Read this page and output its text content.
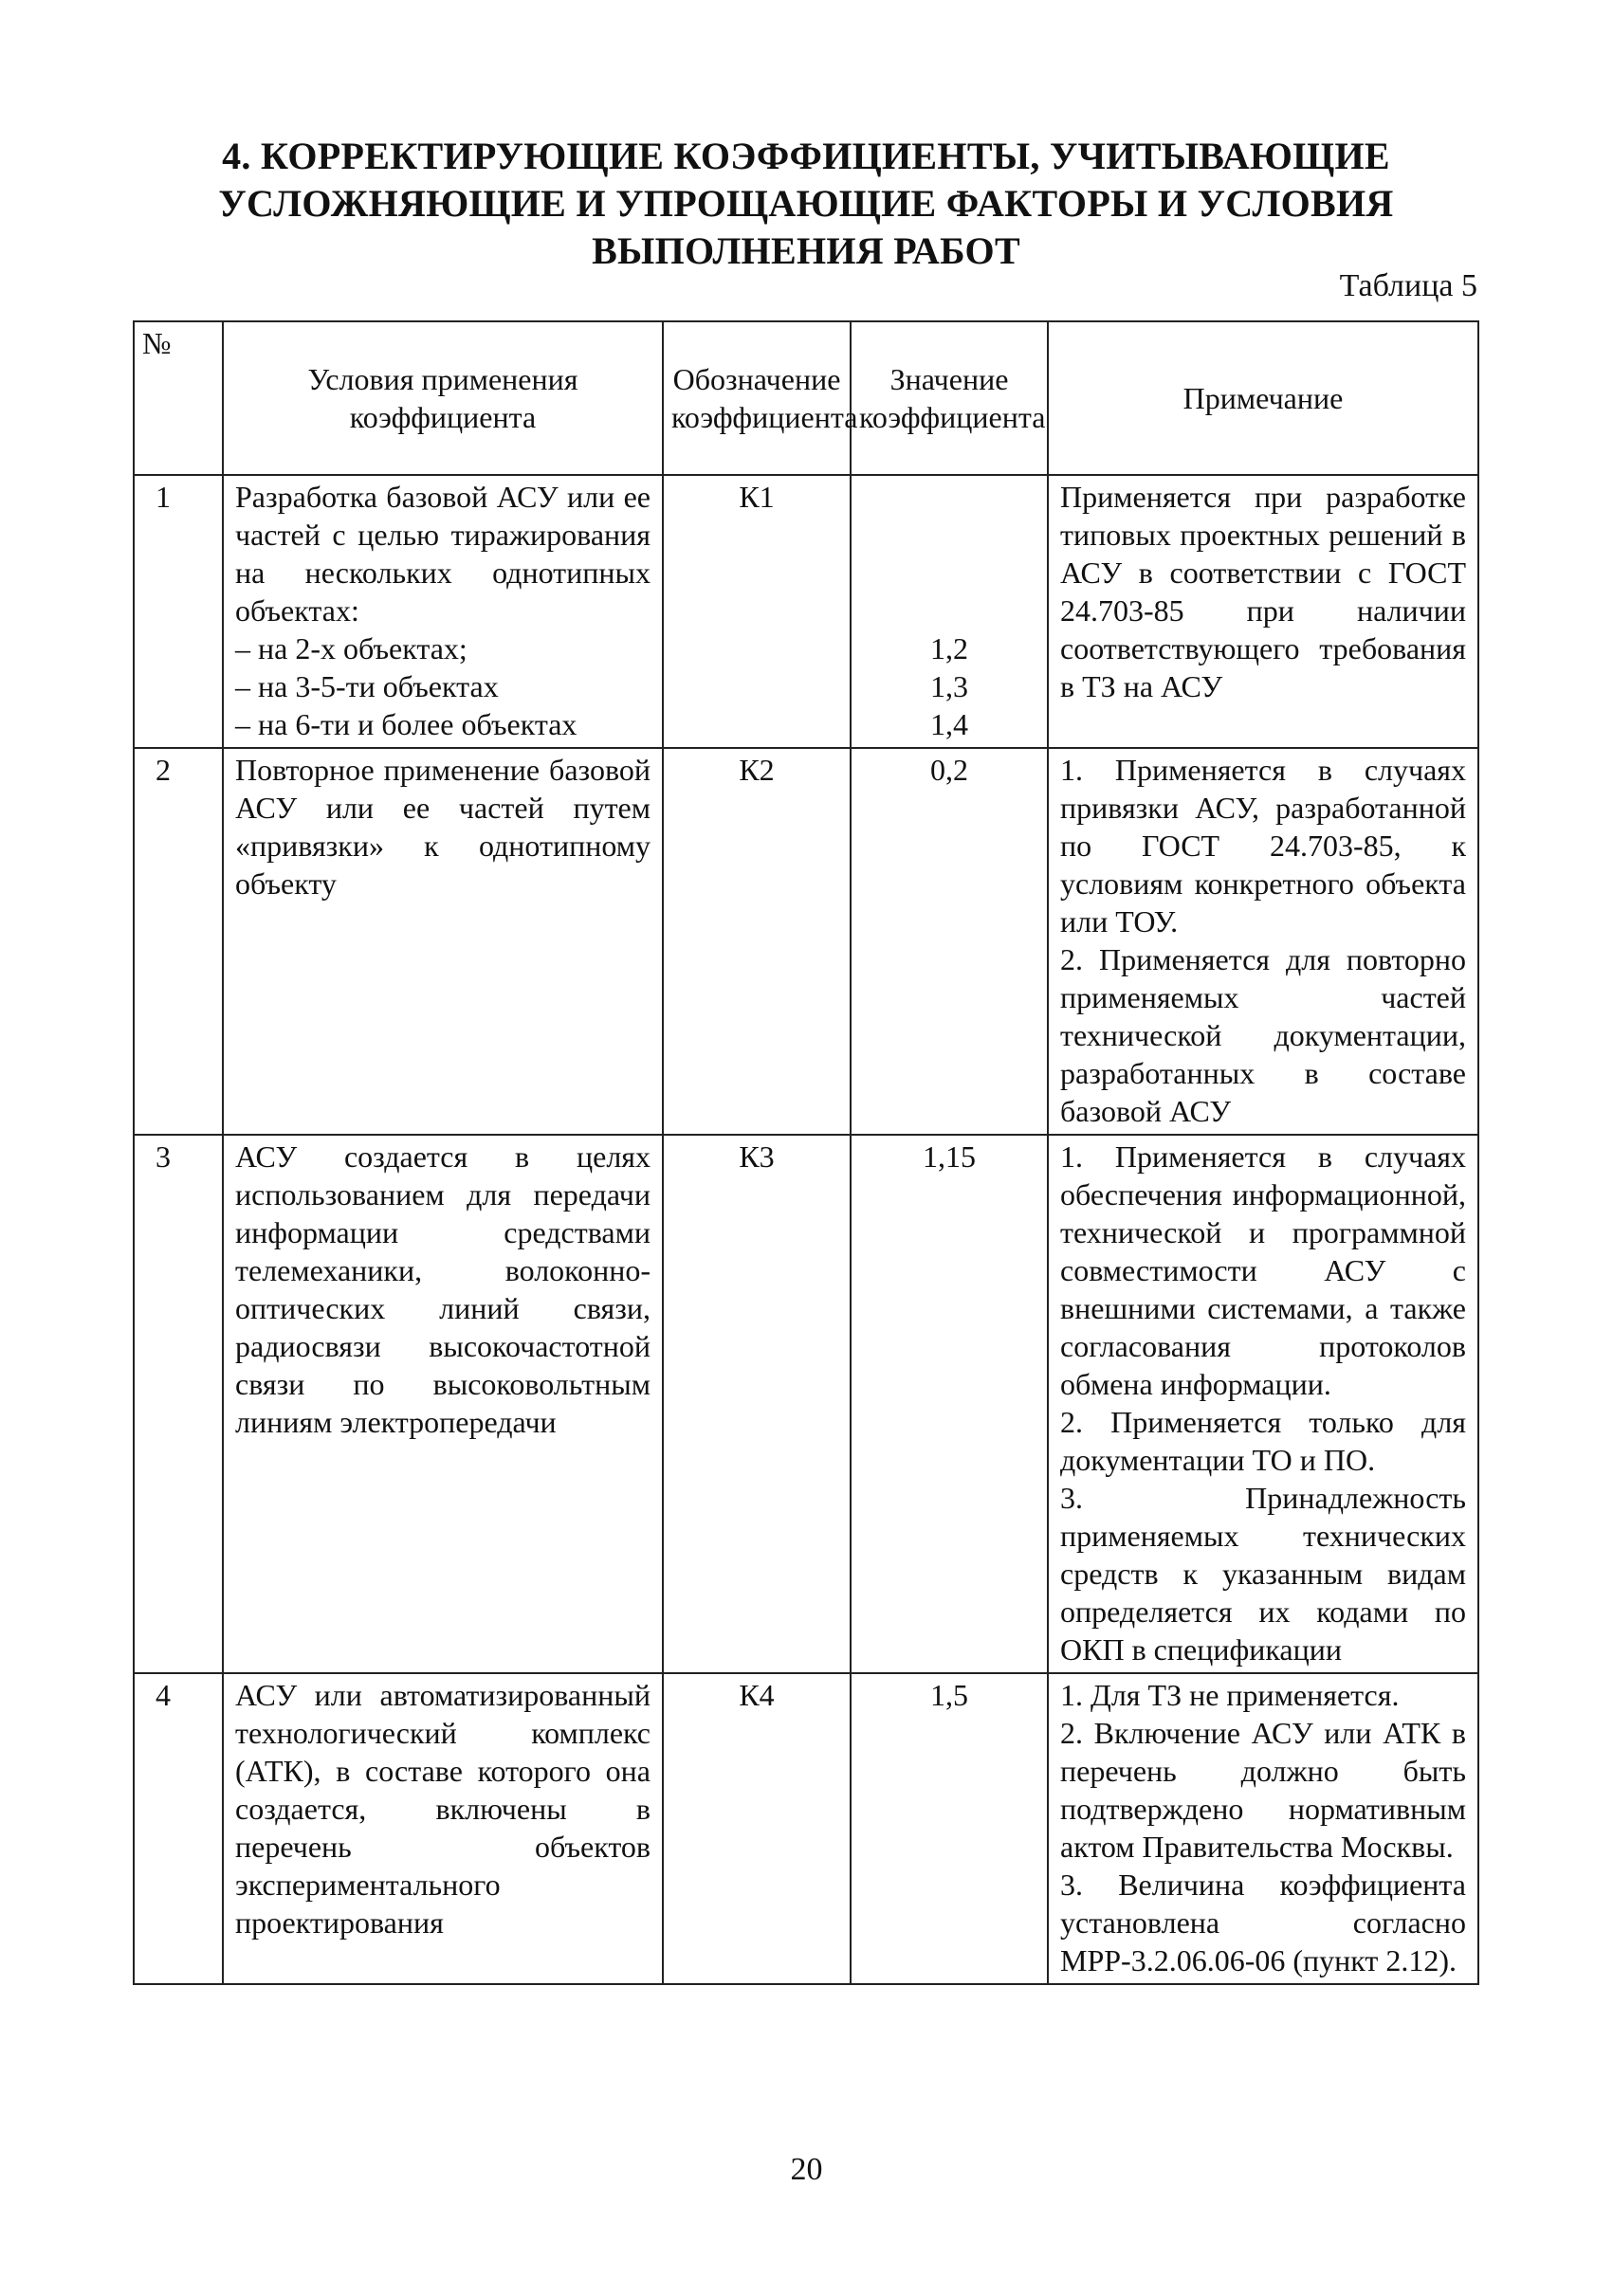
4. КОРРЕКТИРУЮЩИЕ КОЭФФИЦИЕНТЫ, УЧИТЫВАЮЩИЕ
УСЛОЖНЯЮЩИЕ И УПРОЩАЮЩИЕ ФАКТОРЫ И УСЛОВИЯ
ВЫПОЛНЕНИЯ РАБОТ
Таблица 5
№	Условия применения коэффициента	Обозначение коэффициента	Значение коэффициента	Примечание
1	Разработка базовой АСУ или ее частей с целью тиражирования на нескольких однотипных объектах:
– на 2-х объектах;
– на 3-5-ти объектах
– на 6-ти и более объектах	К1	1,2
1,3
1,4	Применяется при разработке типовых проектных решений в АСУ в соответствии с ГОСТ 24.703-85 при наличии соответствующего требования в ТЗ на АСУ
2	Повторное применение базовой АСУ или ее частей путем «привязки» к однотипному объекту	К2	0,2	1. Применяется в случаях привязки АСУ, разработанной по ГОСТ 24.703-85, к условиям конкретного объекта или ТОУ.
2. Применяется для повторно применяемых частей технической документации, разработанных в составе базовой АСУ
3	АСУ создается в целях использованием для передачи информации средствами телемеханики, волоконно-оптических линий связи, радиосвязи высокочастотной связи по высоковольтным линиям электропередачи	К3	1,15	1. Применяется в случаях обеспечения информационной, технической и программной совместимости АСУ с внешними системами, а также согласования протоколов обмена информации.
2. Применяется только для документации ТО и ПО.
3. Принадлежность применяемых технических средств к указанным видам определяется их кодами по ОКП в спецификации
4	АСУ или автоматизированный технологический комплекс (АТК), в составе которого она создается, включены в перечень объектов экспериментального проектирования	К4	1,5	1. Для ТЗ не применяется.
2. Включение АСУ или АТК в перечень должно быть подтверждено нормативным актом Правительства Москвы.
3. Величина коэффициента установлена согласно МРР-3.2.06.06-06 (пункт 2.12).
20
